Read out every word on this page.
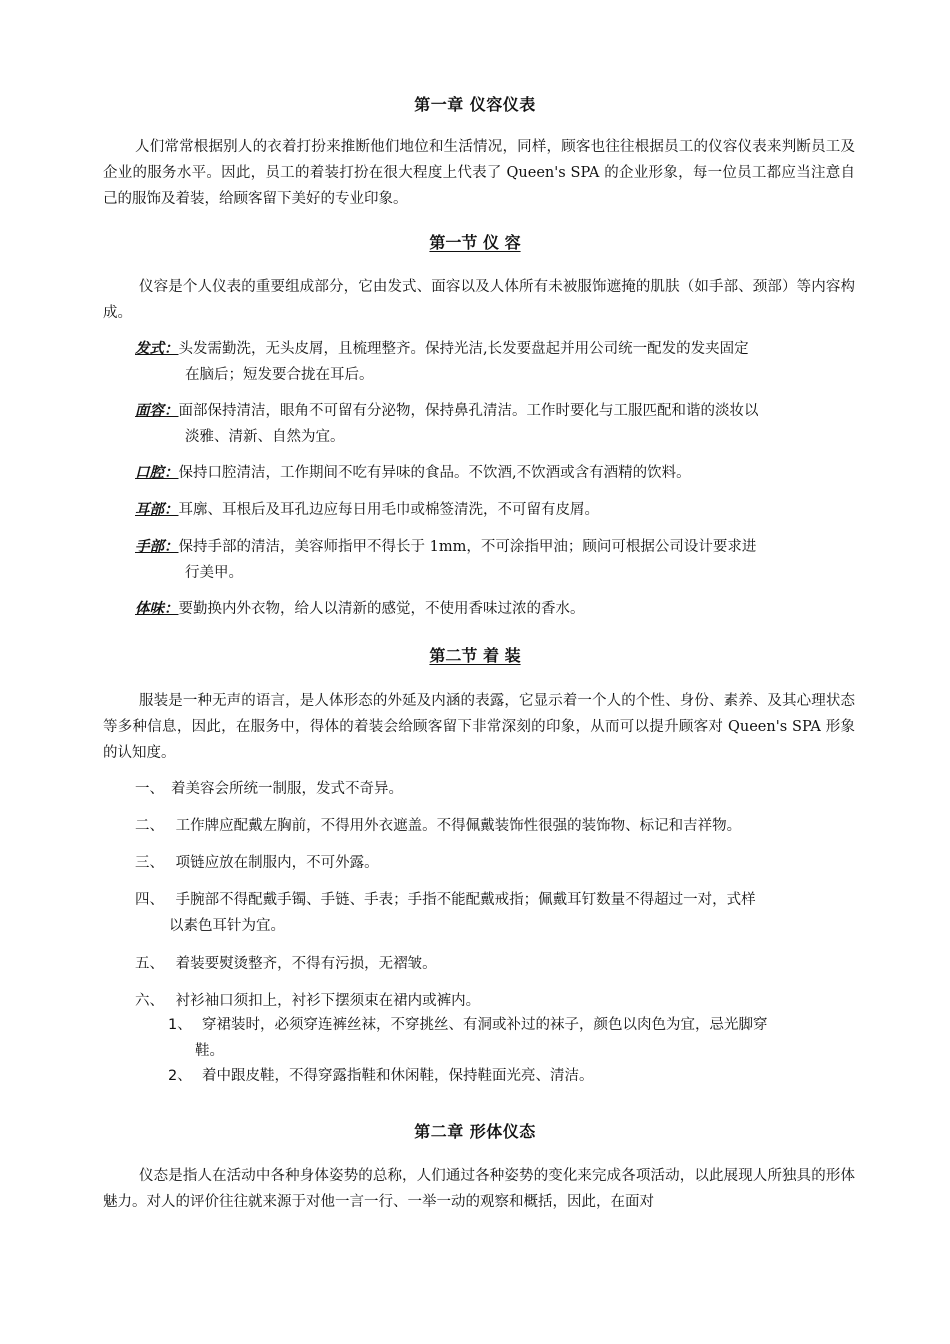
第一章 仪容仪表
人们常常根据别人的衣着打扮来推断他们地位和生活情况，同样，顾客也往往根据员工的仪容仪表来判断员工及企业的服务水平。因此，员工的着装打扮在很大程度上代表了 Queen's SPA 的企业形象，每一位员工都应当注意自己的服饰及着装，给顾客留下美好的专业印象。
第一节 仪 容
仪容是个人仪表的重要组成部分，它由发式、面容以及人体所有未被服饰遮掩的肌肤（如手部、颈部）等内容构成。
发式：头发需勤洗，无头皮屑，且梳理整齐。保持光洁,长发要盘起并用公司统一配发的发夹固定
在脑后；短发要合拢在耳后。
面容：面部保持清洁，眼角不可留有分泌物，保持鼻孔清洁。工作时要化与工服匹配和谐的淡妆以
淡雅、清新、自然为宜。
口腔：保持口腔清洁，工作期间不吃有异味的食品。不饮酒,不饮酒或含有酒精的饮料。
耳部：耳廓、耳根后及耳孔边应每日用毛巾或棉签清洗，不可留有皮屑。
手部：保持手部的清洁，美容师指甲不得长于 1mm，不可涂指甲油；顾问可根据公司设计要求进
行美甲。
体味：要勤换内外衣物，给人以清新的感觉，不使用香味过浓的香水。
第二节 着 装
服装是一种无声的语言，是人体形态的外延及内涵的表露，它显示着一个人的个性、身份、素养、及其心理状态等多种信息，因此，在服务中，得体的着装会给顾客留下非常深刻的印象，从而可以提升顾客对 Queen's SPA 形象的认知度。
一、 着美容会所统一制服，发式不奇异。
二、 工作牌应配戴左胸前，不得用外衣遮盖。不得佩戴装饰性很强的装饰物、标记和吉祥物。
三、 项链应放在制服内，不可外露。
四、 手腕部不得配戴手镯、手链、手表；手指不能配戴戒指；佩戴耳钉数量不得超过一对，式样
以素色耳针为宜。
五、 着装要熨烫整齐，不得有污损，无褶皱。
六、 衬衫袖口须扣上，衬衫下摆须束在裙内或裤内。
1、 穿裙装时，必须穿连裤丝袜，不穿挑丝、有洞或补过的袜子，颜色以肉色为宜，忌光脚穿
鞋。
2、 着中跟皮鞋，不得穿露指鞋和休闲鞋，保持鞋面光亮、清洁。
第二章 形体仪态
仪态是指人在活动中各种身体姿势的总称，人们通过各种姿势的变化来完成各项活动，以此展现人所独具的形体魅力。对人的评价往往就来源于对他一言一行、一举一动的观察和概括，因此，在面对
